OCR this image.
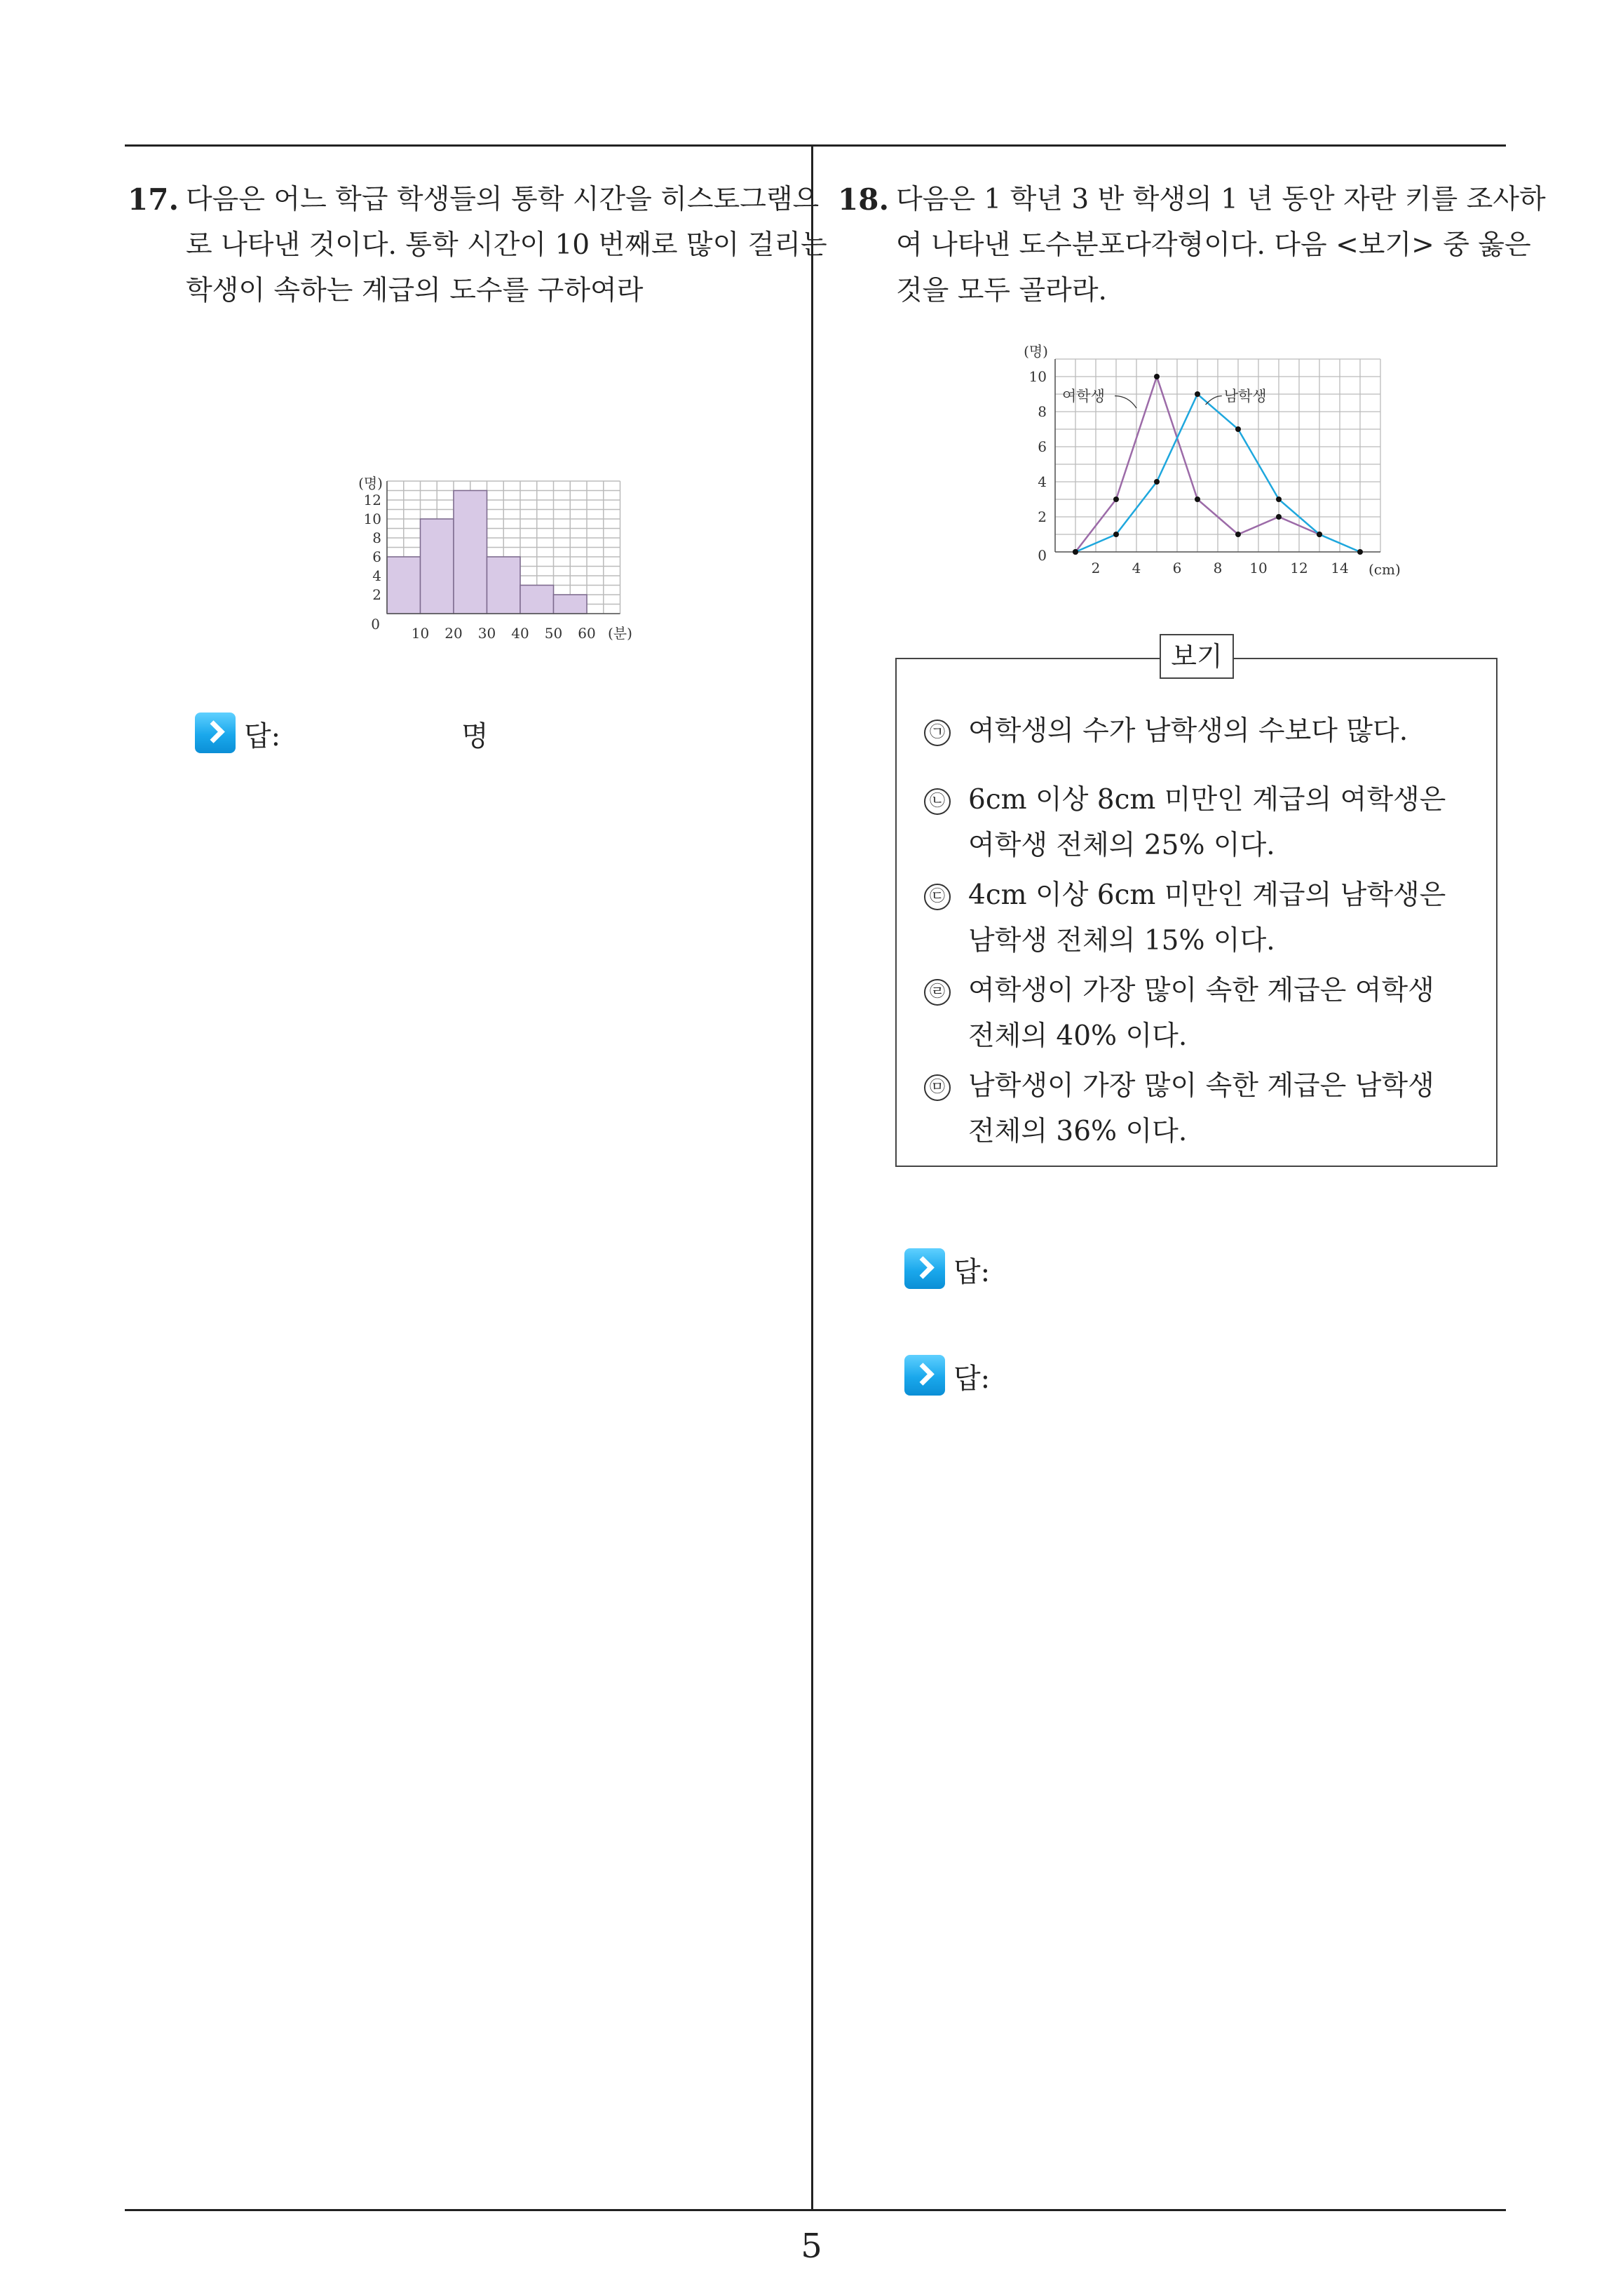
5
17. 다음은 어느 학급 학생들의 통학 시간을 히스토그램으
로 나타낸 것이다. 통학 시간이 10 번째로 많이 걸리는
학생이 속하는 계급의 도수를 구하여라
0
2
4
6
8
10
12
10 20 30 40 50 60
(명)
(분)
답:	명
18. 다음은 1 학년 3 반 학생의 1 년 동안 자란 키를 조사하
여 나타낸 도수분포다각형이다. 다음 <보기> 중 옳은
것을 모두 골라라.
여학생	남학생
0
2
4
6
8
10
2 4 6 8 10 12 14
(명)
(cm)
보기
㉠ 여학생의 수가 남학생의 수보다 많다.
㉡ 6cm 이상 8cm 미만인 계급의 여학생은
여학생 전체의 25% 이다.
㉢ 4cm 이상 6cm 미만인 계급의 남학생은
남학생 전체의 15% 이다.
㉣ 여학생이 가장 많이 속한 계급은 여학생
전체의 40% 이다.
㉤ 남학생이 가장 많이 속한 계급은 남학생
전체의 36% 이다.
답:
답:
